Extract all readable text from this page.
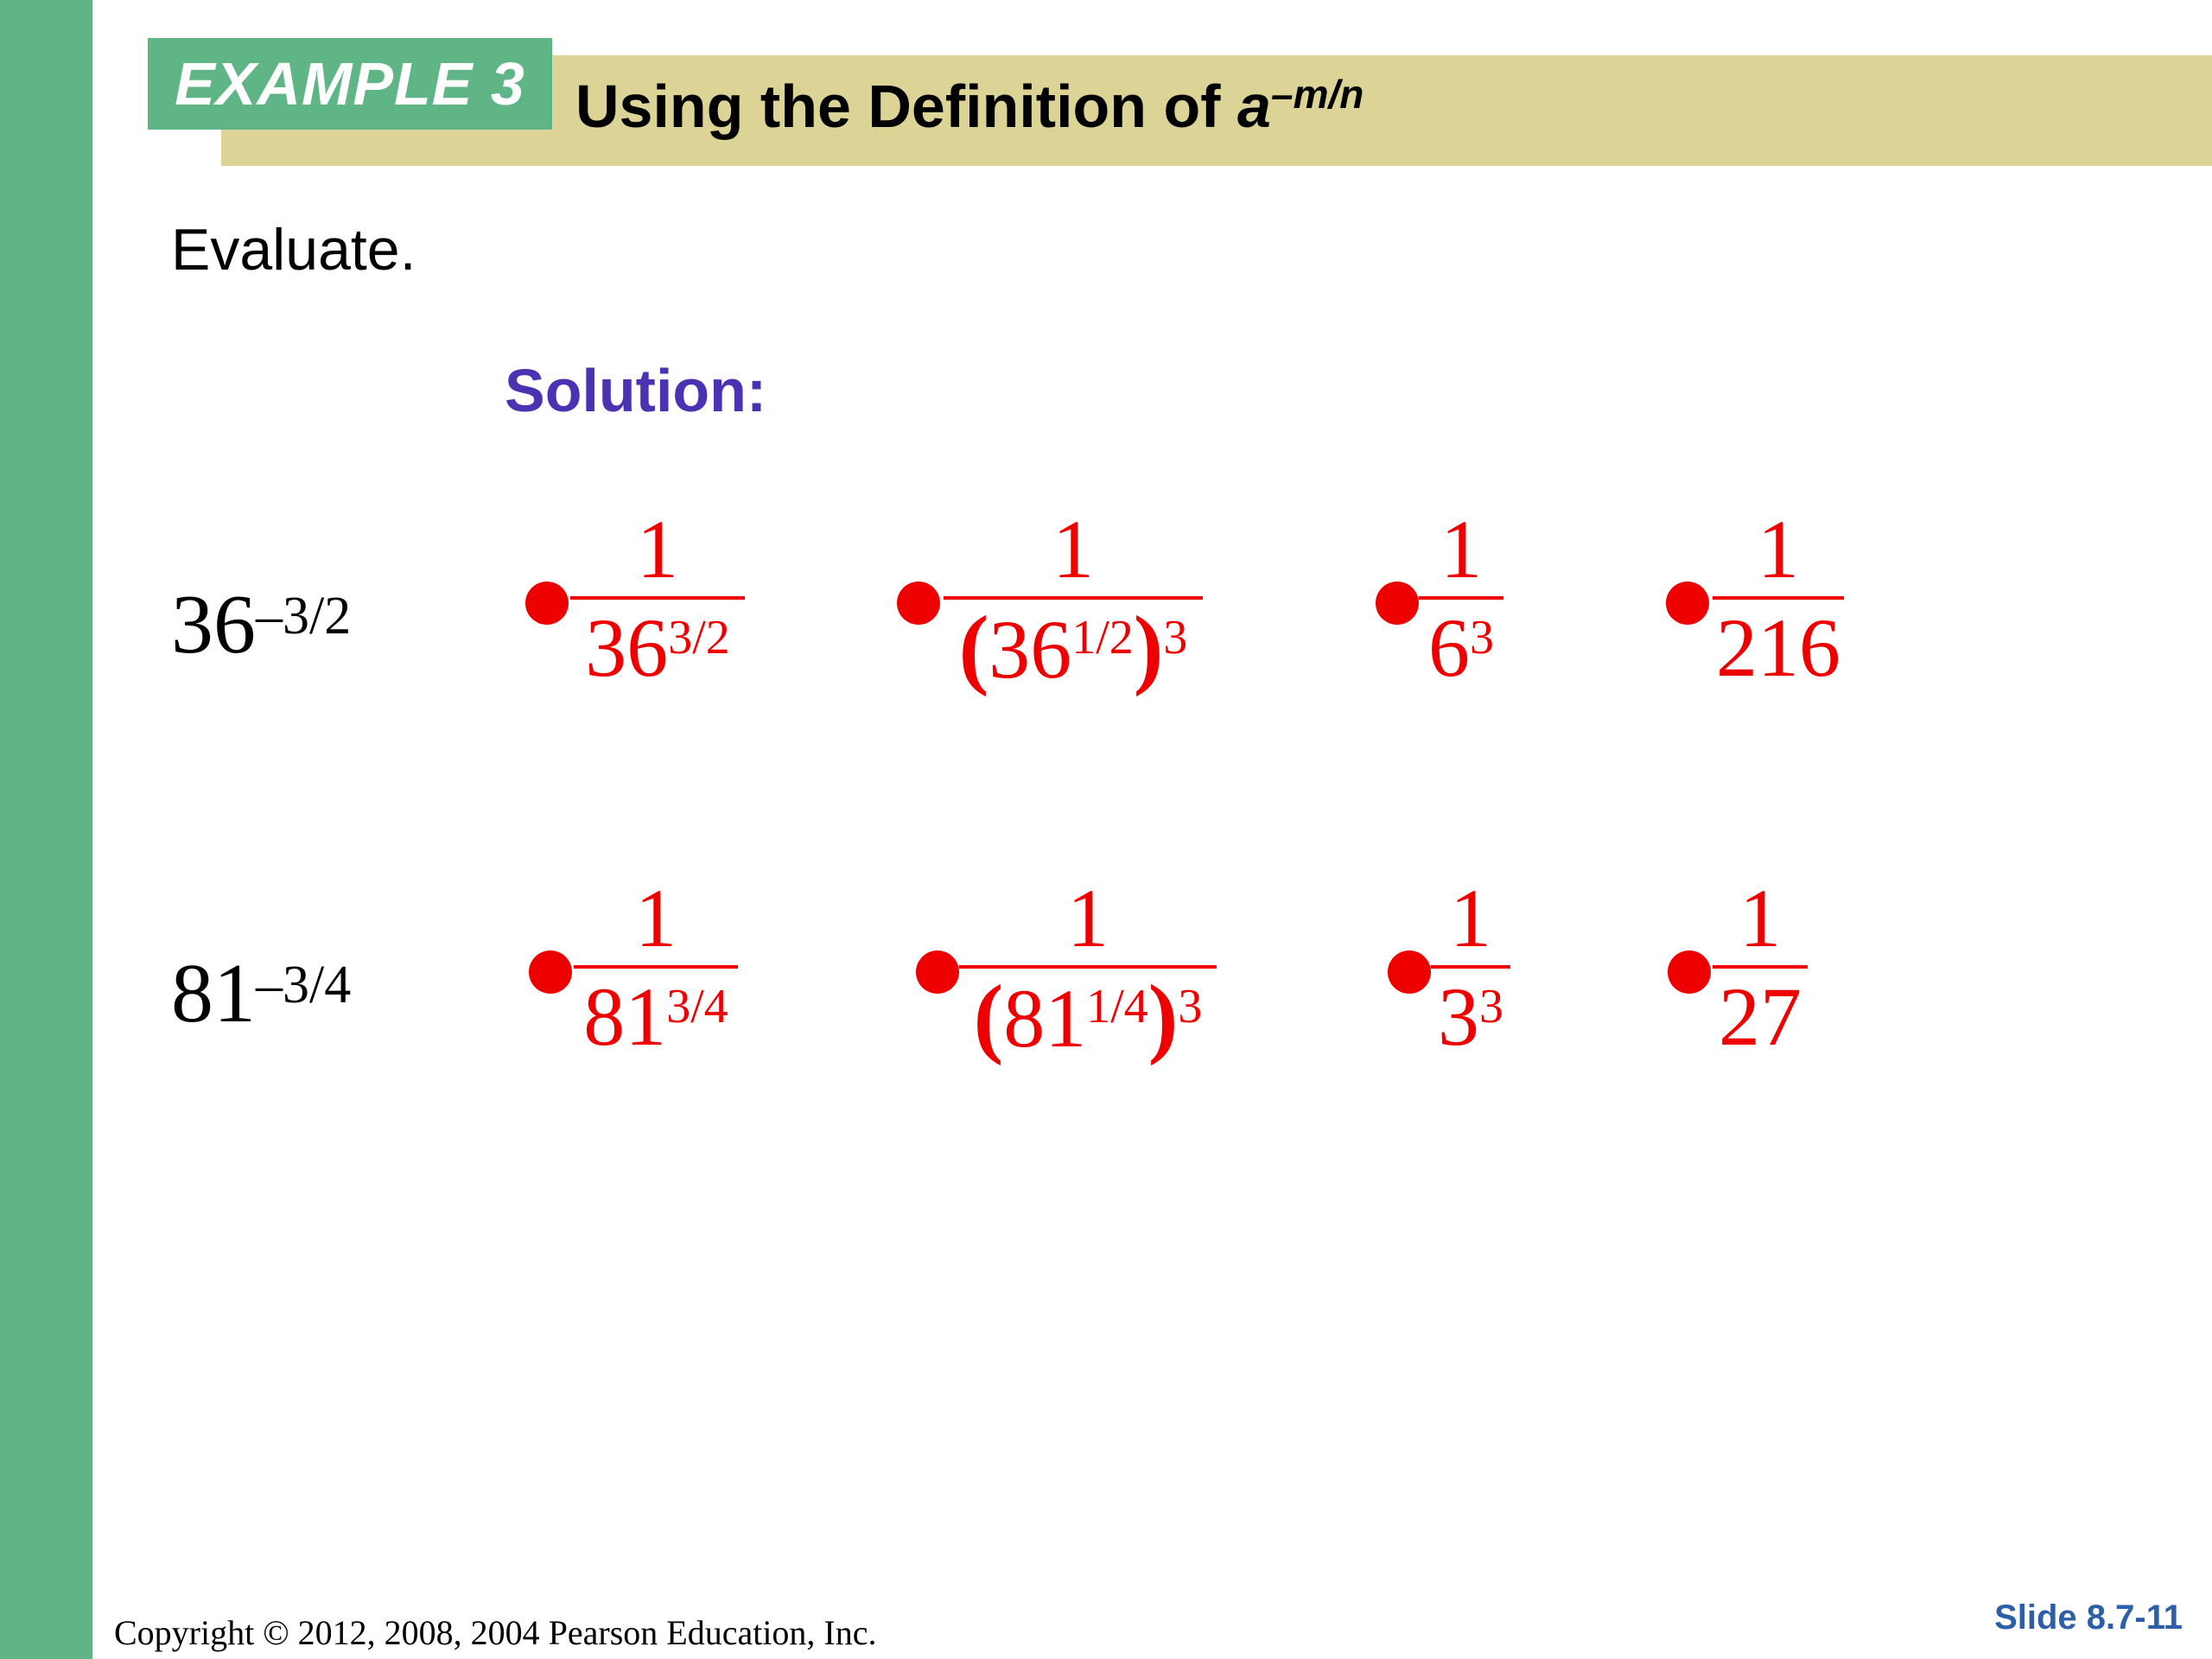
EXAMPLE 3 Using the Definition of $a^{-m/n}$
Evaluate.
Solution:
$36^{-3/2}$
1
$36^{3/2}$
1
$(36^{1/2})^3$
1
$6^3$
1
216
$81^{-3/4}$
1
$81^{3/4}$
1
$(81^{1/4})^3$
1
$3^3$
1
27
Copyright © 2012, 2008, 2004 Pearson Education, Inc.	Slide 8.7-11
